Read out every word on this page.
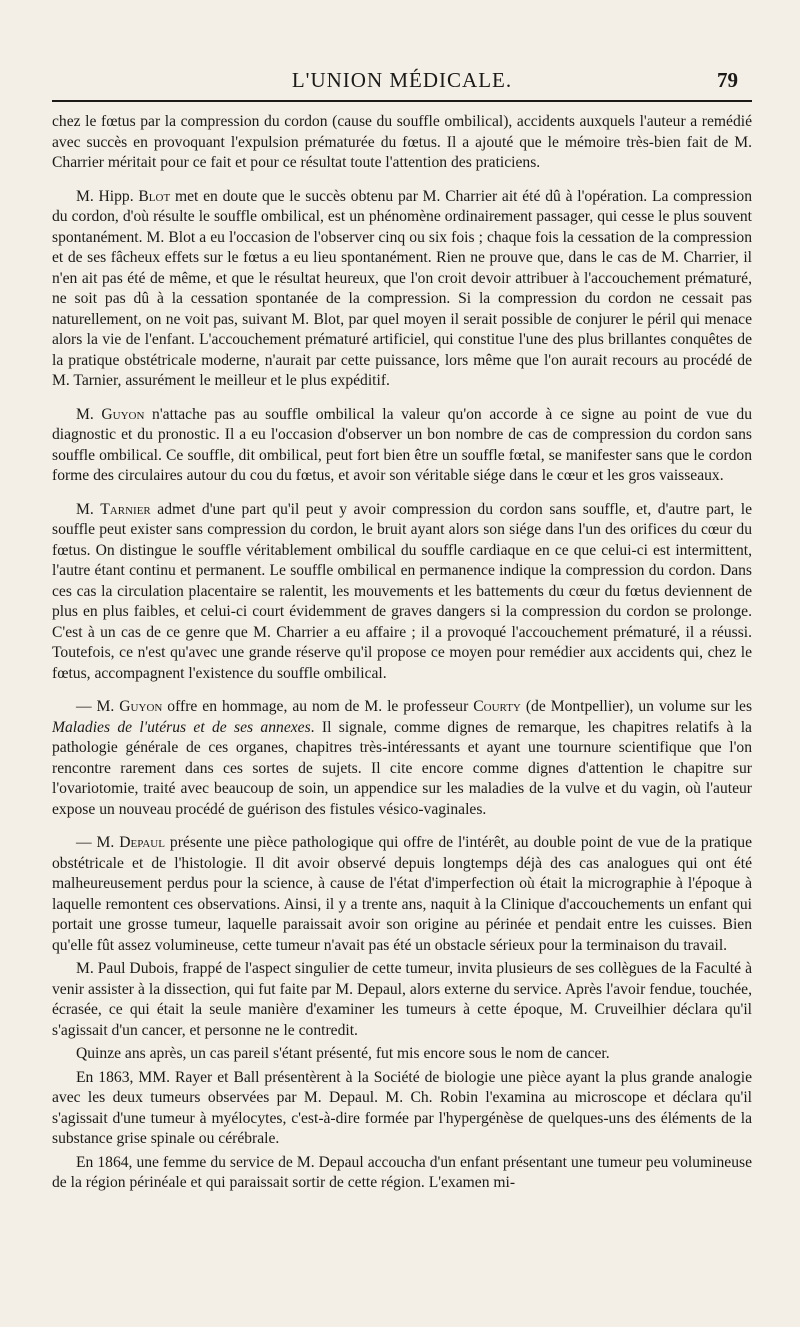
L'UNION MÉDICALE.	79

chez le fœtus par la compression du cordon (cause du souffle ombilical), accidents auxquels l'auteur a remédié avec succès en provoquant l'expulsion prématurée du fœtus. Il a ajouté que le mémoire très-bien fait de M. Charrier méritait pour ce fait et pour ce résultat toute l'attention des praticiens.

M. Hipp. Blot met en doute que le succès obtenu par M. Charrier ait été dû à l'opération. La compression du cordon, d'où résulte le souffle ombilical, est un phénomène ordinairement passager, qui cesse le plus souvent spontanément. M. Blot a eu l'occasion de l'observer cinq ou six fois ; chaque fois la cessation de la compression et de ses fâcheux effets sur le fœtus a eu lieu spontanément. Rien ne prouve que, dans le cas de M. Charrier, il n'en ait pas été de même, et que le résultat heureux, que l'on croit devoir attribuer à l'accouchement prématuré, ne soit pas dû à la cessation spontanée de la compression. Si la compression du cordon ne cessait pas naturellement, on ne voit pas, suivant M. Blot, par quel moyen il serait possible de conjurer le péril qui menace alors la vie de l'enfant. L'accouchement prématuré artificiel, qui constitue l'une des plus brillantes conquêtes de la pratique obstétricale moderne, n'aurait par cette puissance, lors même que l'on aurait recours au procédé de M. Tarnier, assurément le meilleur et le plus expéditif.

M. Guyon n'attache pas au souffle ombilical la valeur qu'on accorde à ce signe au point de vue du diagnostic et du pronostic. Il a eu l'occasion d'observer un bon nombre de cas de compression du cordon sans souffle ombilical. Ce souffle, dit ombilical, peut fort bien être un souffle fœtal, se manifester sans que le cordon forme des circulaires autour du cou du fœtus, et avoir son véritable siége dans le cœur et les gros vaisseaux.

M. Tarnier admet d'une part qu'il peut y avoir compression du cordon sans souffle, et, d'autre part, le souffle peut exister sans compression du cordon, le bruit ayant alors son siége dans l'un des orifices du cœur du fœtus. On distingue le souffle véritablement ombilical du souffle cardiaque en ce que celui-ci est intermittent, l'autre étant continu et permanent. Le souffle ombilical en permanence indique la compression du cordon. Dans ces cas la circulation placentaire se ralentit, les mouvements et les battements du cœur du fœtus deviennent de plus en plus faibles, et celui-ci court évidemment de graves dangers si la compression du cordon se prolonge. C'est à un cas de ce genre que M. Charrier a eu affaire ; il a provoqué l'accouchement prématuré, il a réussi. Toutefois, ce n'est qu'avec une grande réserve qu'il propose ce moyen pour remédier aux accidents qui, chez le fœtus, accompagnent l'existence du souffle ombilical.

— M. Guyon offre en hommage, au nom de M. le professeur Courty (de Montpellier), un volume sur les Maladies de l'utérus et de ses annexes. Il signale, comme dignes de remarque, les chapitres relatifs à la pathologie générale de ces organes, chapitres très-intéressants et ayant une tournure scientifique que l'on rencontre rarement dans ces sortes de sujets. Il cite encore comme dignes d'attention le chapitre sur l'ovariotomie, traité avec beaucoup de soin, un appendice sur les maladies de la vulve et du vagin, où l'auteur expose un nouveau procédé de guérison des fistules vésico-vaginales.

— M. Depaul présente une pièce pathologique qui offre de l'intérêt, au double point de vue de la pratique obstétricale et de l'histologie. Il dit avoir observé depuis longtemps déjà des cas analogues qui ont été malheureusement perdus pour la science, à cause de l'état d'imperfection où était la micrographie à l'époque à laquelle remontent ces observations. Ainsi, il y a trente ans, naquit à la Clinique d'accouchements un enfant qui portait une grosse tumeur, laquelle paraissait avoir son origine au périnée et pendait entre les cuisses. Bien qu'elle fût assez volumineuse, cette tumeur n'avait pas été un obstacle sérieux pour la terminaison du travail.

M. Paul Dubois, frappé de l'aspect singulier de cette tumeur, invita plusieurs de ses collègues de la Faculté à venir assister à la dissection, qui fut faite par M. Depaul, alors externe du service. Après l'avoir fendue, touchée, écrasée, ce qui était la seule manière d'examiner les tumeurs à cette époque, M. Cruveilhier déclara qu'il s'agissait d'un cancer, et personne ne le contredit.

Quinze ans après, un cas pareil s'étant présenté, fut mis encore sous le nom de cancer.

En 1863, MM. Rayer et Ball présentèrent à la Société de biologie une pièce ayant la plus grande analogie avec les deux tumeurs observées par M. Depaul. M. Ch. Robin l'examina au microscope et déclara qu'il s'agissait d'une tumeur à myélocytes, c'est-à-dire formée par l'hypergénèse de quelques-uns des éléments de la substance grise spinale ou cérébrale.

En 1864, une femme du service de M. Depaul accoucha d'un enfant présentant une tumeur peu volumineuse de la région périnéale et qui paraissait sortir de cette région. L'examen mi-
